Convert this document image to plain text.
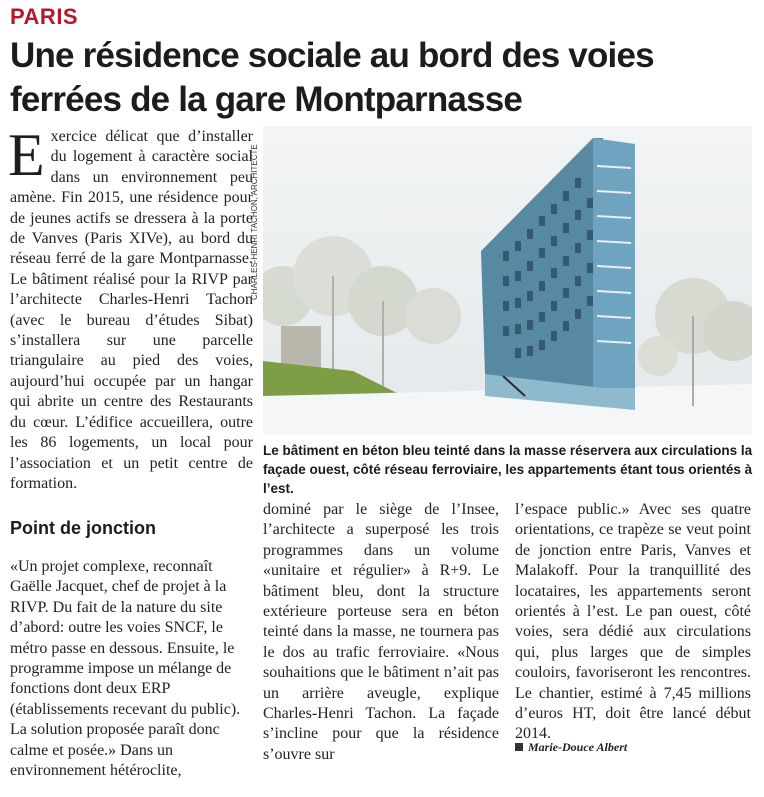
PARIS
Une résidence sociale au bord des voies ferrées de la gare Montparnasse
E xercice délicat que d’installer du logement à caractère social dans un environnement peu amène. Fin 2015, une résidence pour de jeunes actifs se dressera à la porte de Vanves (Paris XIVe), au bord du réseau ferré de la gare Montparnasse. Le bâtiment réalisé pour la RIVP par l’architecte Charles-Henri Tachon (avec le bureau d’études Sibat) s’installera sur une parcelle triangulaire au pied des voies, aujourd’hui occupée par un hangar qui abrite un centre des Restaurants du cœur. L’édifice accueillera, outre les 86 logements, un local pour l’association et un petit centre de formation.

Point de jonction

«Un projet complexe, reconnaît Gaëlle Jacquet, chef de projet à la RIVP. Du fait de la nature du site d’abord: outre les voies SNCF, le métro passe en dessous. Ensuite, le programme impose un mélange de fonctions dont deux ERP (établissements recevant du public). La solution proposée paraît donc calme et posée.» Dans un environnement hétéroclite,

CHARLES-HENRI TACHON, ARCHITECTE
Le bâtiment en béton bleu teinté dans la masse réservera aux circulations la façade ouest, côté réseau ferroviaire, les appartements étant tous orientés à l’est.

dominé par le siège de l’Insee, l’architecte a superposé les trois programmes dans un volume «unitaire et régulier» à R+9. Le bâtiment bleu, dont la structure extérieure porteuse sera en béton teinté dans la masse, ne tournera pas le dos au trafic ferroviaire. «Nous souhaitions que le bâtiment n’ait pas un arrière aveugle, explique Charles-Henri Tachon. La façade s’incline pour que la résidence s’ouvre sur

l’espace public.» Avec ses quatre orientations, ce trapèze se veut point de jonction entre Paris, Vanves et Malakoff. Pour la tranquillité des locataires, les appartements seront orientés à l’est. Le pan ouest, côté voies, sera dédié aux circulations qui, plus larges que de simples couloirs, favoriseront les rencontres. Le chantier, estimé à 7,45 millions d’euros HT, doit être lancé début 2014.

Marie-Douce Albert
